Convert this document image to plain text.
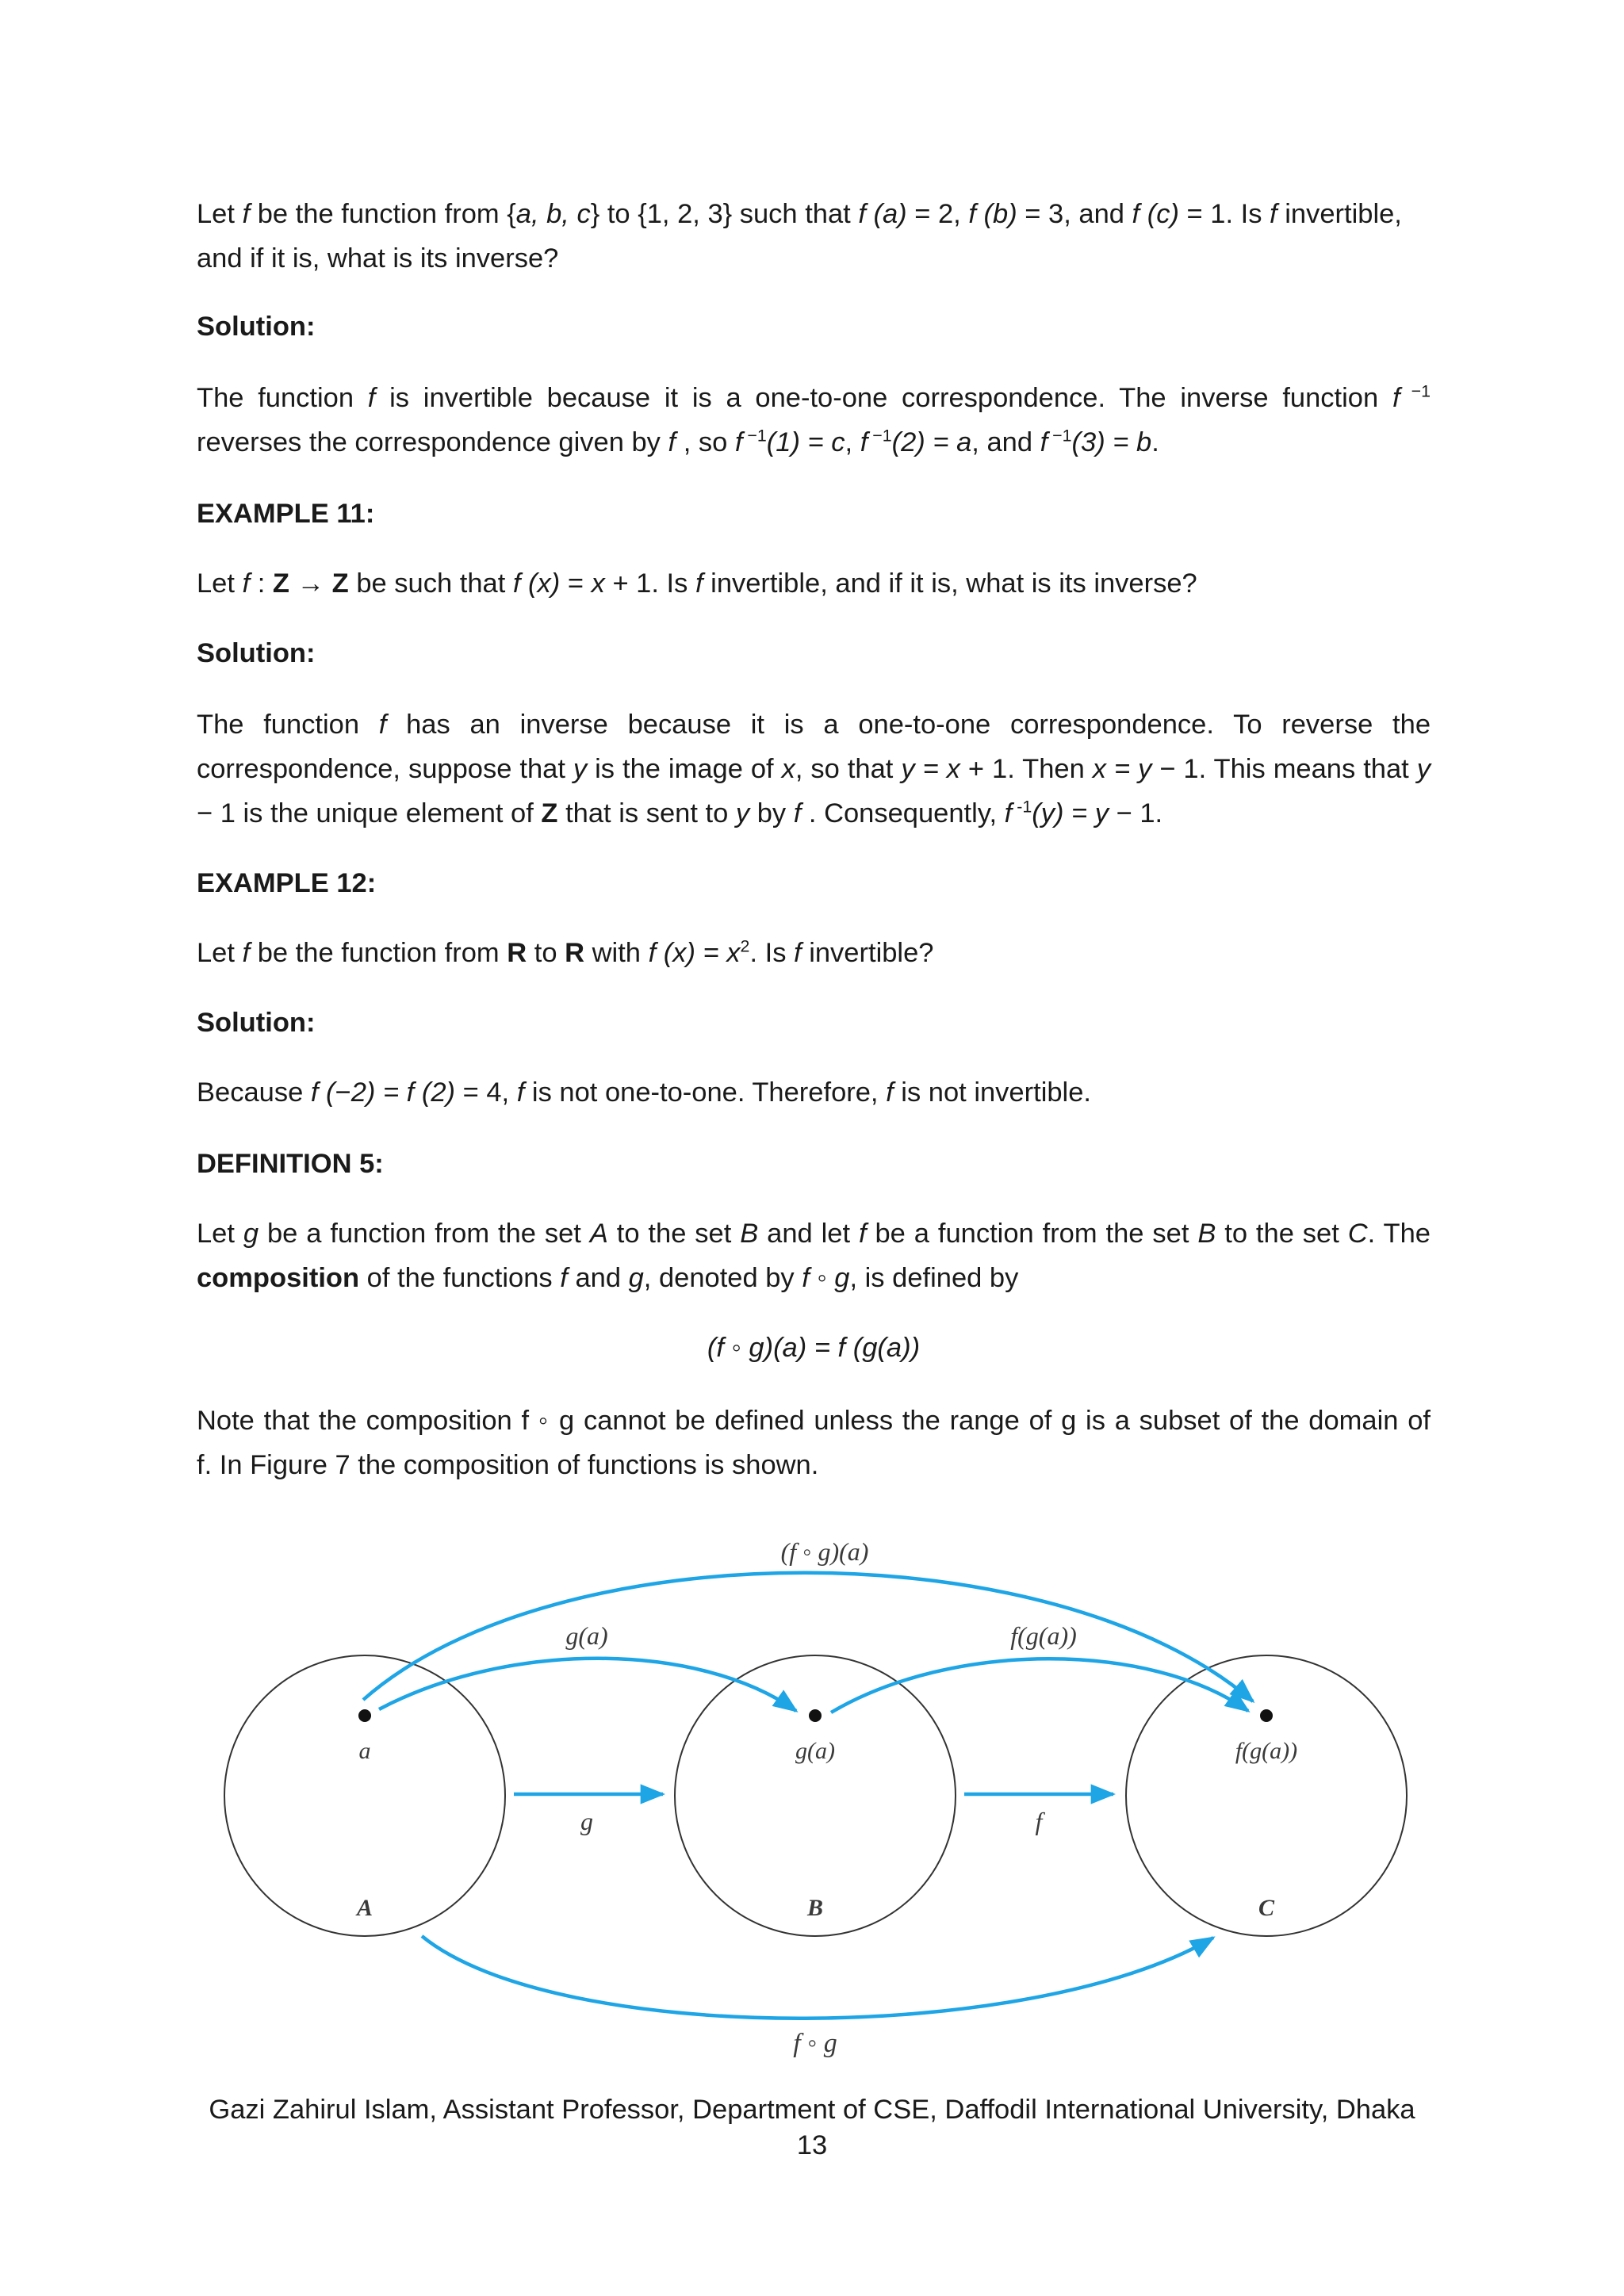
Let f be the function from {a, b, c} to {1, 2, 3} such that f (a) = 2, f (b) = 3, and f (c) = 1. Is f invertible,
and if it is, what is its inverse?
Solution:
The function f is invertible because it is a one-to-one correspondence. The inverse function f $^{-1}$
reverses the correspondence given by f , so f $^{-1}$(1) = c, f $^{-1}$(2) = a, and f $^{-1}$(3) = b.
EXAMPLE 11:
Let f : Z → Z be such that f (x) = x + 1. Is f invertible, and if it is, what is its inverse?
Solution:
The function f has an inverse because it is a one-to-one correspondence. To reverse the
correspondence, suppose that y is the image of x, so that y = x + 1. Then x = y − 1. This means that y
− 1 is the unique element of Z that is sent to y by f . Consequently, f $^{-1}$(y) = y − 1.
EXAMPLE 12:
Let f be the function from R to R with f $(x) = x^2$. Is f invertible?
Solution:
Because f (−2) = f (2) = 4, f is not one-to-one. Therefore, f is not invertible.
DEFINITION 5:
Let g be a function from the set A to the set B and let f be a function from the set B to the set C. The
composition of the functions f and g, denoted by f ◦ g, is defined by
(f ◦ g)(a) = f (g(a))
Note that the composition f ◦ g cannot be defined unless the range of g is a subset of the domain of
f. In Figure 7 the composition of functions is shown.
(f ◦ g)(a)
g(a)	f(g(a))
a	g(a)	f(g(a))
g	f
A	B	C
f ◦ g
Gazi Zahirul Islam, Assistant Professor, Department of CSE, Daffodil International University, Dhaka
13
